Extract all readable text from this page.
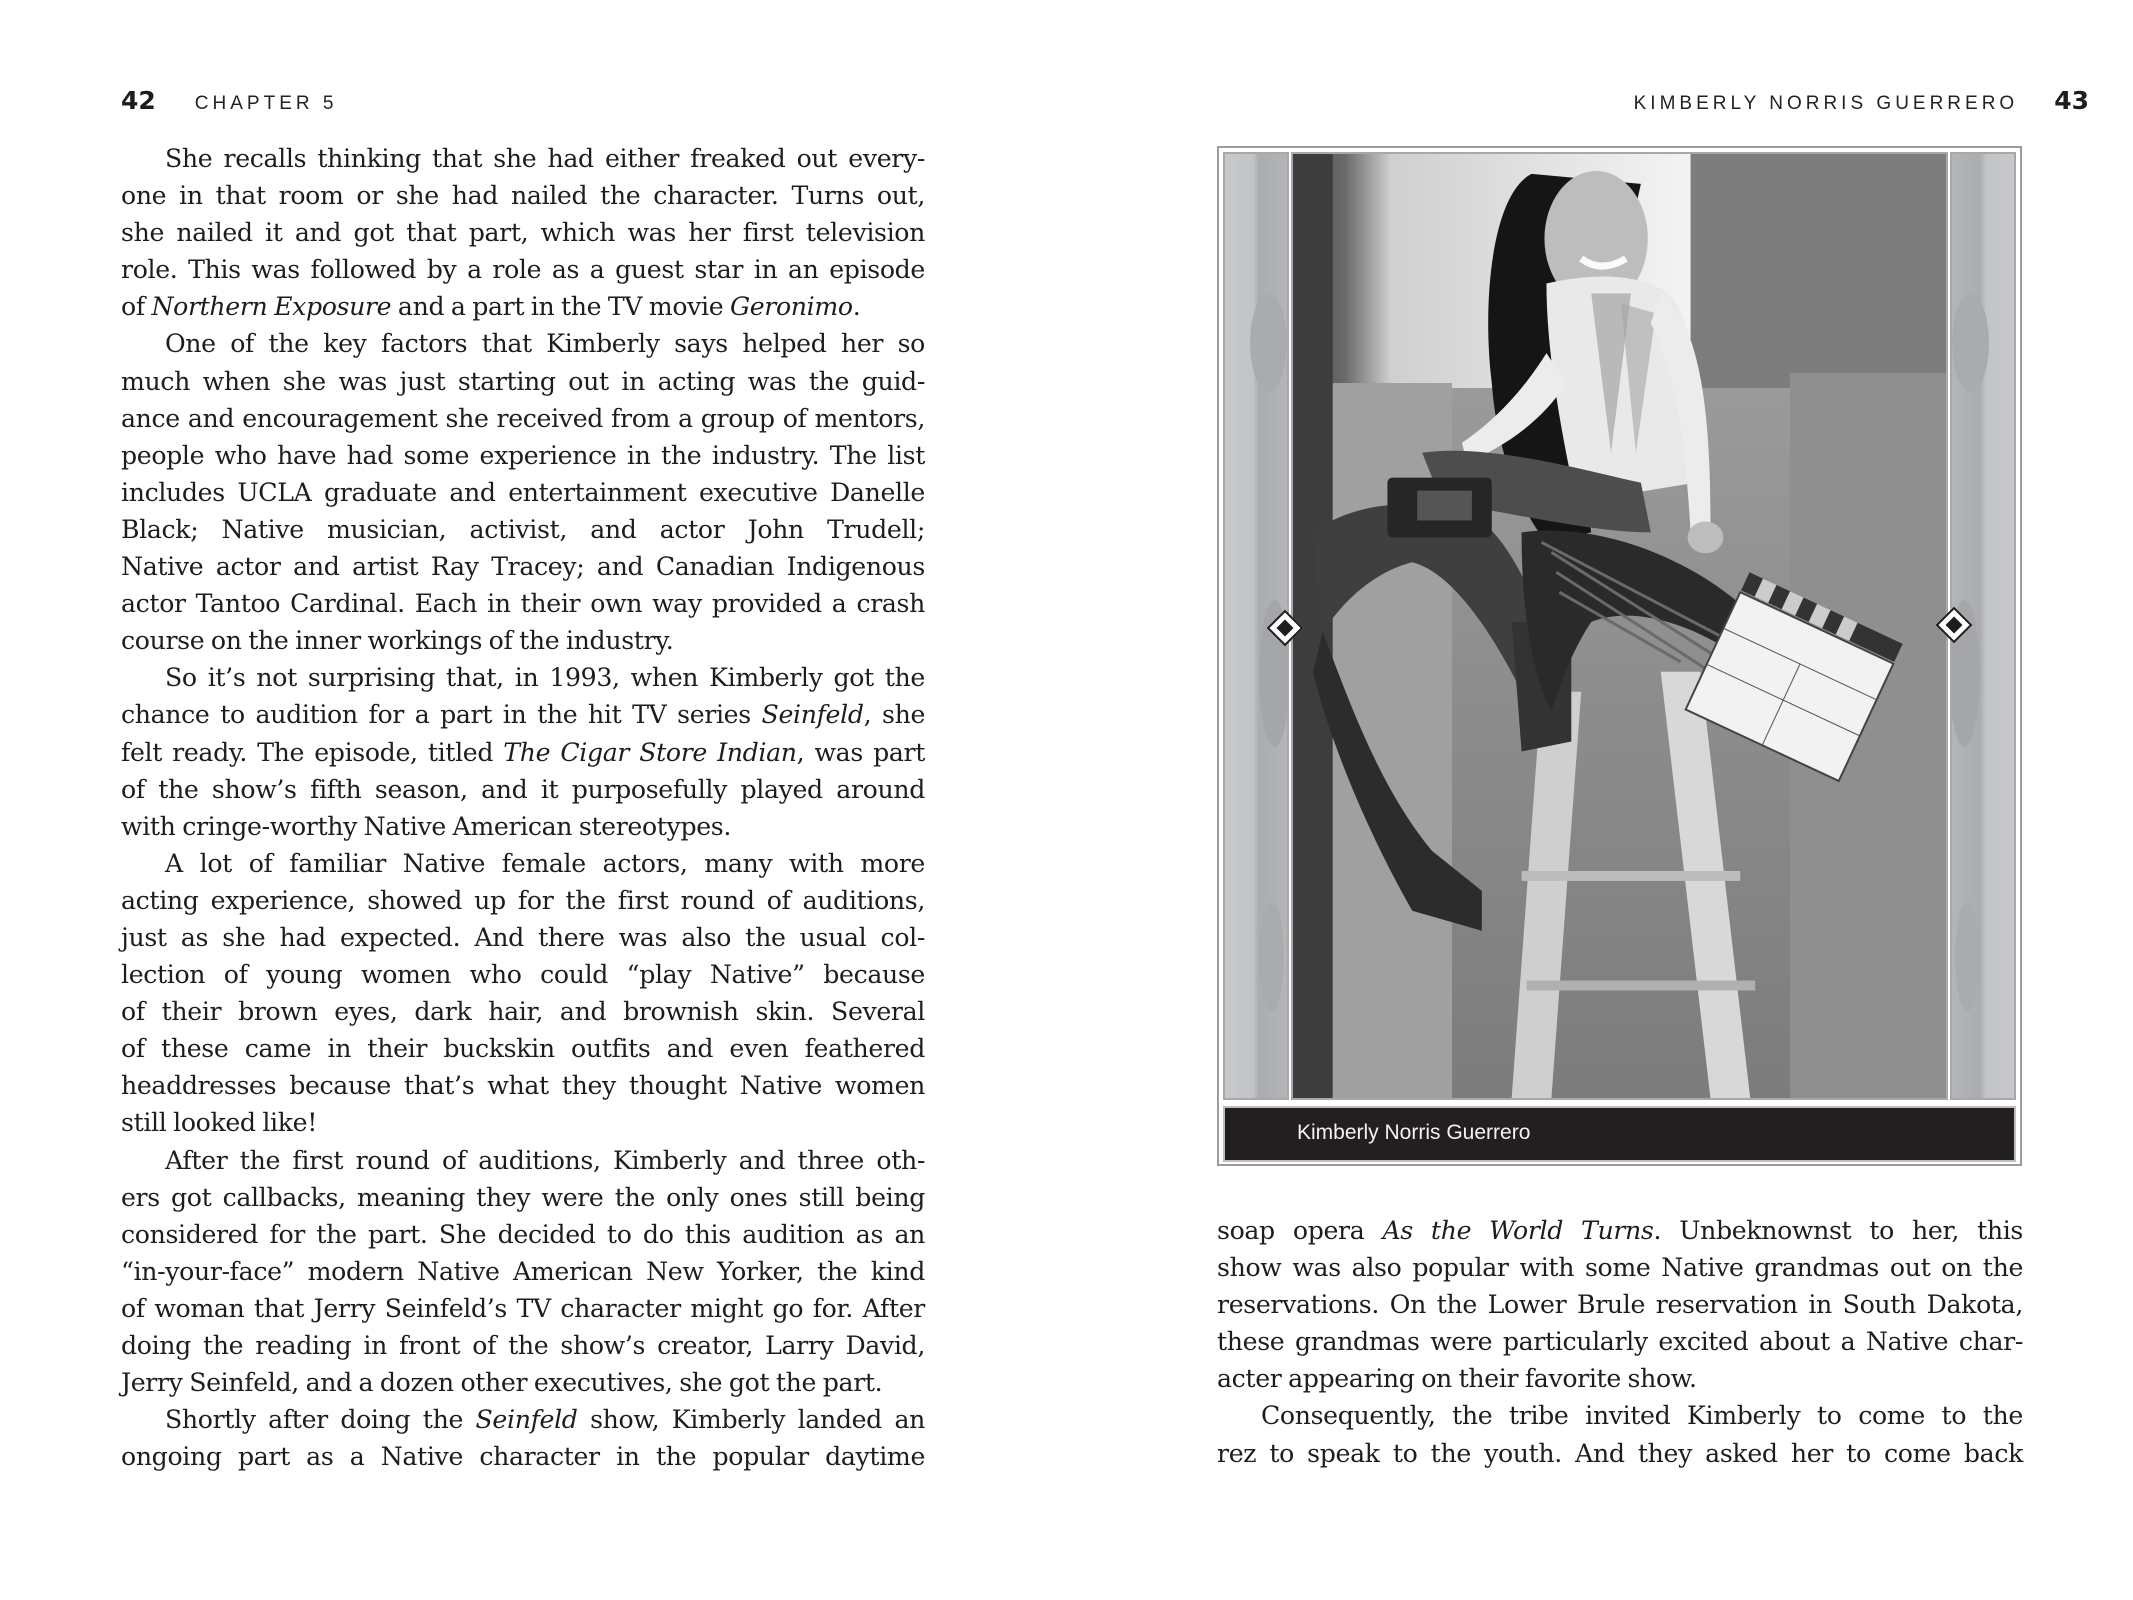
42 CHAPTER 5
She recalls thinking that she had either freaked out every-
one in that room or she had nailed the character. Turns out,
she nailed it and got that part, which was her first television
role. This was followed by a role as a guest star in an episode
of Northern Exposure and a part in the TV movie Geronimo.
One of the key factors that Kimberly says helped her so
much when she was just starting out in acting was the guid-
ance and encouragement she received from a group of mentors,
people who have had some experience in the industry. The list
includes UCLA graduate and entertainment executive Danelle
Black; Native musician, activist, and actor John Trudell;
Native actor and artist Ray Tracey; and Canadian Indigenous
actor Tantoo Cardinal. Each in their own way provided a crash
course on the inner workings of the industry.
So it’s not surprising that, in 1993, when Kimberly got the
chance to audition for a part in the hit TV series Seinfeld, she
felt ready. The episode, titled The Cigar Store Indian, was part
of the show’s fifth season, and it purposefully played around
with cringe-worthy Native American stereotypes.
A lot of familiar Native female actors, many with more
acting experience, showed up for the first round of auditions,
just as she had expected. And there was also the usual col-
lection of young women who could “play Native” because
of their brown eyes, dark hair, and brownish skin. Several
of these came in their buckskin outfits and even feathered
headdresses because that’s what they thought Native women
still looked like!
After the first round of auditions, Kimberly and three oth-
ers got callbacks, meaning they were the only ones still being
considered for the part. She decided to do this audition as an
“in-your-face” modern Native American New Yorker, the kind
of woman that Jerry Seinfeld’s TV character might go for. After
doing the reading in front of the show’s creator, Larry David,
Jerry Seinfeld, and a dozen other executives, she got the part.
Shortly after doing the Seinfeld show, Kimberly landed an
ongoing part as a Native character in the popular daytime
KIMBERLY NORRIS GUERRERO 43
Kimberly Norris Guerrero
soap opera As the World Turns. Unbeknownst to her, this
show was also popular with some Native grandmas out on the
reservations. On the Lower Brule reservation in South Dakota,
these grandmas were particularly excited about a Native char-
acter appearing on their favorite show.
Consequently, the tribe invited Kimberly to come to the
rez to speak to the youth. And they asked her to come back
